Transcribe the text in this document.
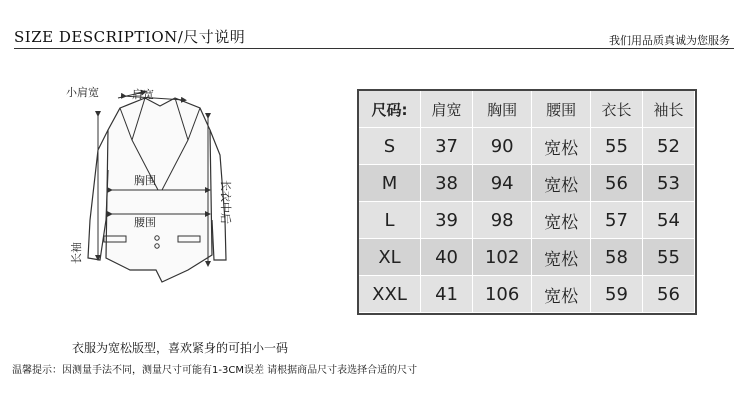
SIZE DESCRIPTION/尺寸说明	我们用品质真诚为您服务
小肩宽	肩宽
胸围
腰围
长袖
长衣中后
尺码:	肩宽	胸围	腰围	衣长	袖长
S	37	90	宽松	55	52
M	38	94	宽松	56	53
L	39	98	宽松	57	54
XL	40	102	宽松	58	55
XXL	41	106	宽松	59	56
衣服为宽松版型，喜欢紧身的可拍小一码
温馨提示：因测量手法不同，测量尺寸可能有1-3CM误差 请根据商品尺寸表选择合适的尺寸
